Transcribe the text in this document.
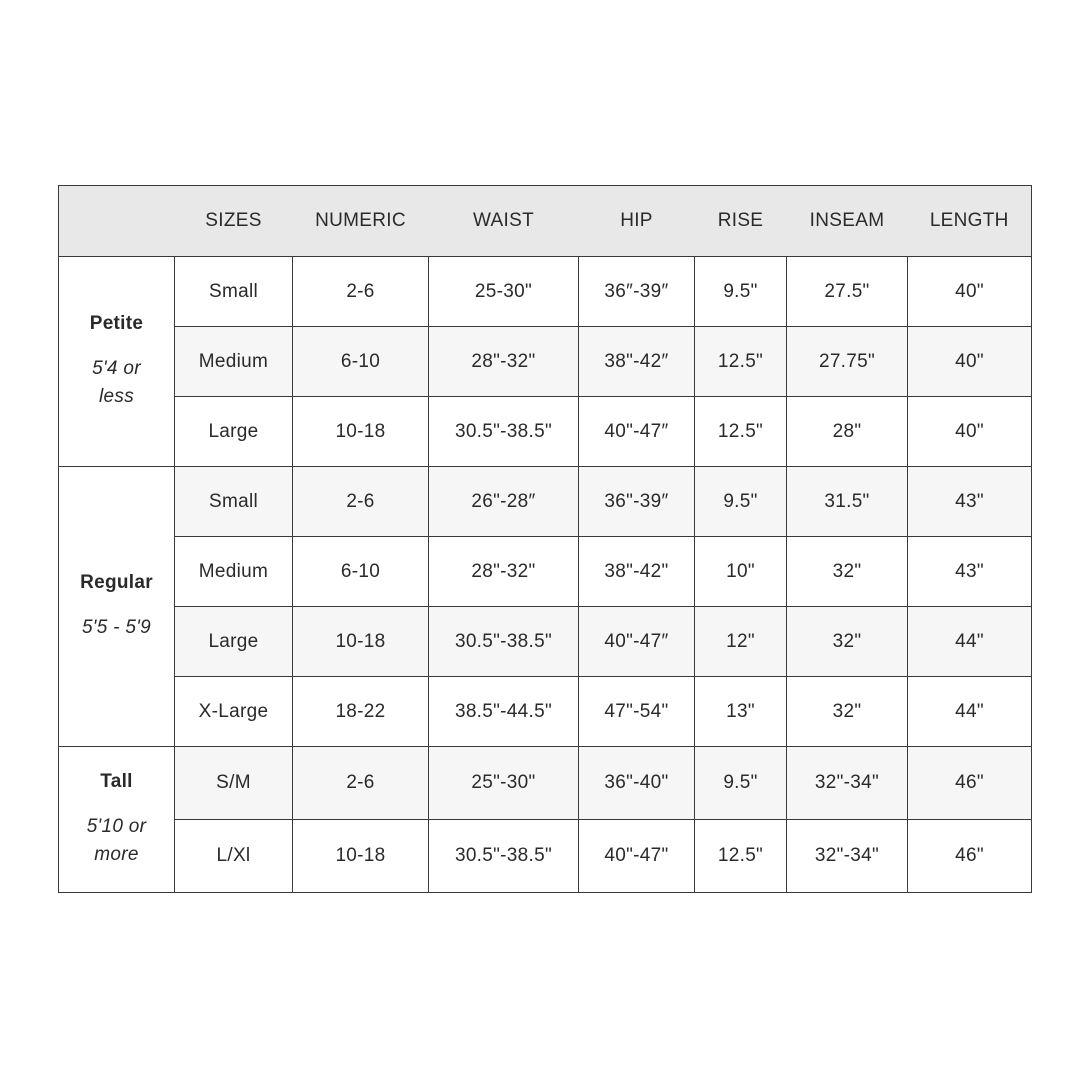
	SIZES	NUMERIC	WAIST	HIP	RISE	INSEAM	LENGTH

Petite
5'4 or less	Small	2-6	25-30"	36″-39″	9.5"	27.5"	40"
	Medium	6-10	28"-32"	38"-42″	12.5"	27.75"	40"
	Large	10-18	30.5"-38.5"	40"-47″	12.5"	28"	40"

Regular
5'5 - 5'9	Small	2-6	26"-28″	36"-39″	9.5"	31.5"	43"
	Medium	6-10	28"-32"	38"-42"	10"	32"	43"
	Large	10-18	30.5"-38.5"	40"-47″	12"	32"	44"
	X-Large	18-22	38.5"-44.5"	47"-54"	13"	32"	44"

Tall
5'10 or more	S/M	2-6	25"-30"	36"-40"	9.5"	32"-34"	46"
	L/Xl	10-18	30.5"-38.5"	40"-47"	12.5"	32"-34"	46"
